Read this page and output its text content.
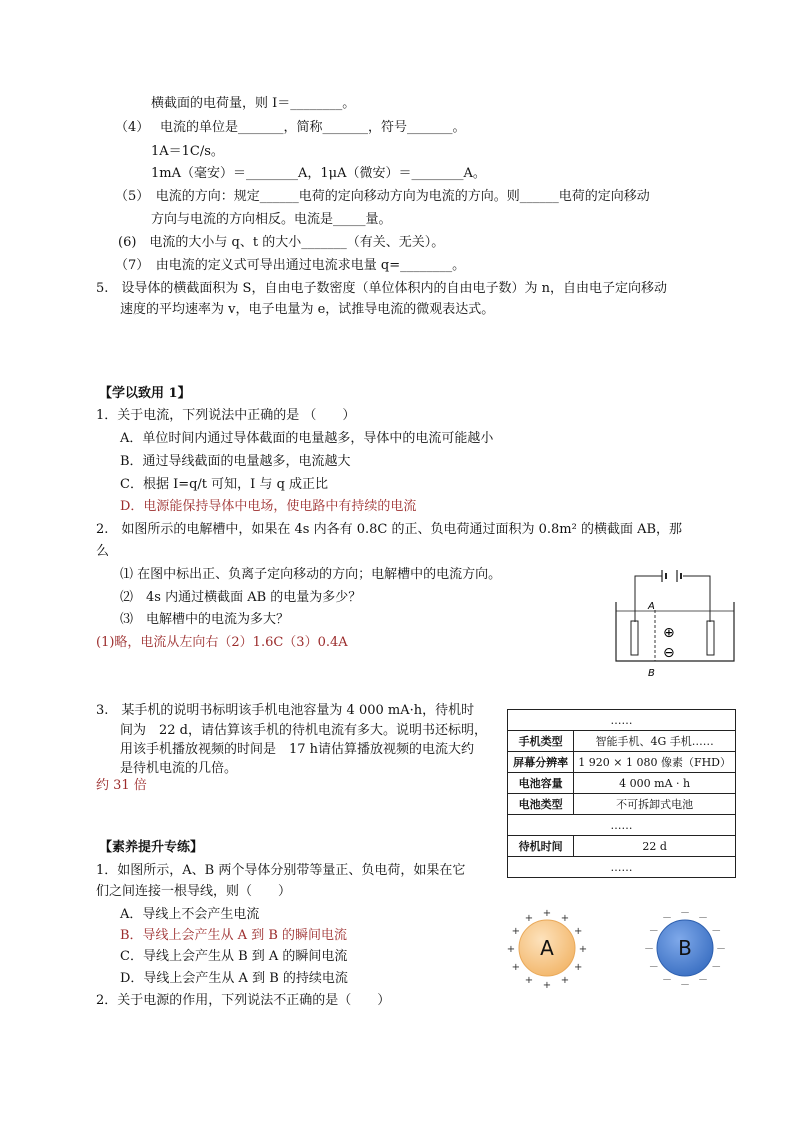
横截面的电荷量，则 I＝________。
（4） 电流的单位是_______，简称_______，符号_______。
1A＝1C/s。
1mA（毫安）＝________A，1μA（微安）＝________A。
（5）　电流的方向：规定______电荷的定向移动方向为电流的方向。则______电荷的定向移动
方向与电流的方向相反。电流是_____量。
(6)　电流的大小与 q、t 的大小_______（有关、无关）。
（7）　由电流的定义式可导出通过电流求电量 q=________。
5.　设导体的横截面积为 S，自由电子数密度（单位体积内的自由电子数）为 n，自由电子定向移动
速度的平均速率为 v，电子电量为 e，试推导电流的微观表达式。
【学以致用 1】
1．关于电流，下列说法中正确的是 （　　）
A．单位时间内通过导体截面的电量越多，导体中的电流可能越小
B．通过导线截面的电量越多，电流越大
C．根据 I=q/t 可知，I 与 q 成正比
D．电源能保持导体中电场，使电路中有持续的电流
2.　如图所示的电解槽中，如果在 4s 内各有 0.8C 的正、负电荷通过面积为 0.8m² 的横截面 AB，那
么
⑴ 在图中标出正、负离子定向移动的方向；电解槽中的电流方向。
⑵　4s 内通过横截面 AB 的电量为多少？
⑶　电解槽中的电流为多大？
(1)略，电流从左向右（2）1.6C（3）0.4A
A
B
⊕
⊖
3.　某手机的说明书标明该手机电池容量为 4 000 mA·h，待机时
间为　22 d，请估算该手机的待机电流有多大。说明书还标明，
用该手机播放视频的时间是　17 h请估算播放视频的电流大约
是待机电流的几倍。
约 31 倍
……	
手机类型	智能手机、4G 手机……
屏幕分辨率	1 920 × 1 080 像素（FHD）
电池容量	4 000 mA · h
电池类型	不可拆卸式电池
……	
待机时间	22 d
……	
【素养提升专练】
1．如图所示，A、B 两个导体分别带等量正、负电荷，如果在它
们之间连接一根导线，则（　　）
A．导线上不会产生电流
B．导线上会产生从 A 到 B 的瞬间电流
C．导线上会产生从 B 到 A 的瞬间电流
D．导线上会产生从 A 到 B 的持续电流
2．关于电源的作用，下列说法不正确的是（　　）
A	B
+
+
+
+
+
+
+
+
+ + +
+
－
－
－
－
－
－
－
－
－ － －
－
